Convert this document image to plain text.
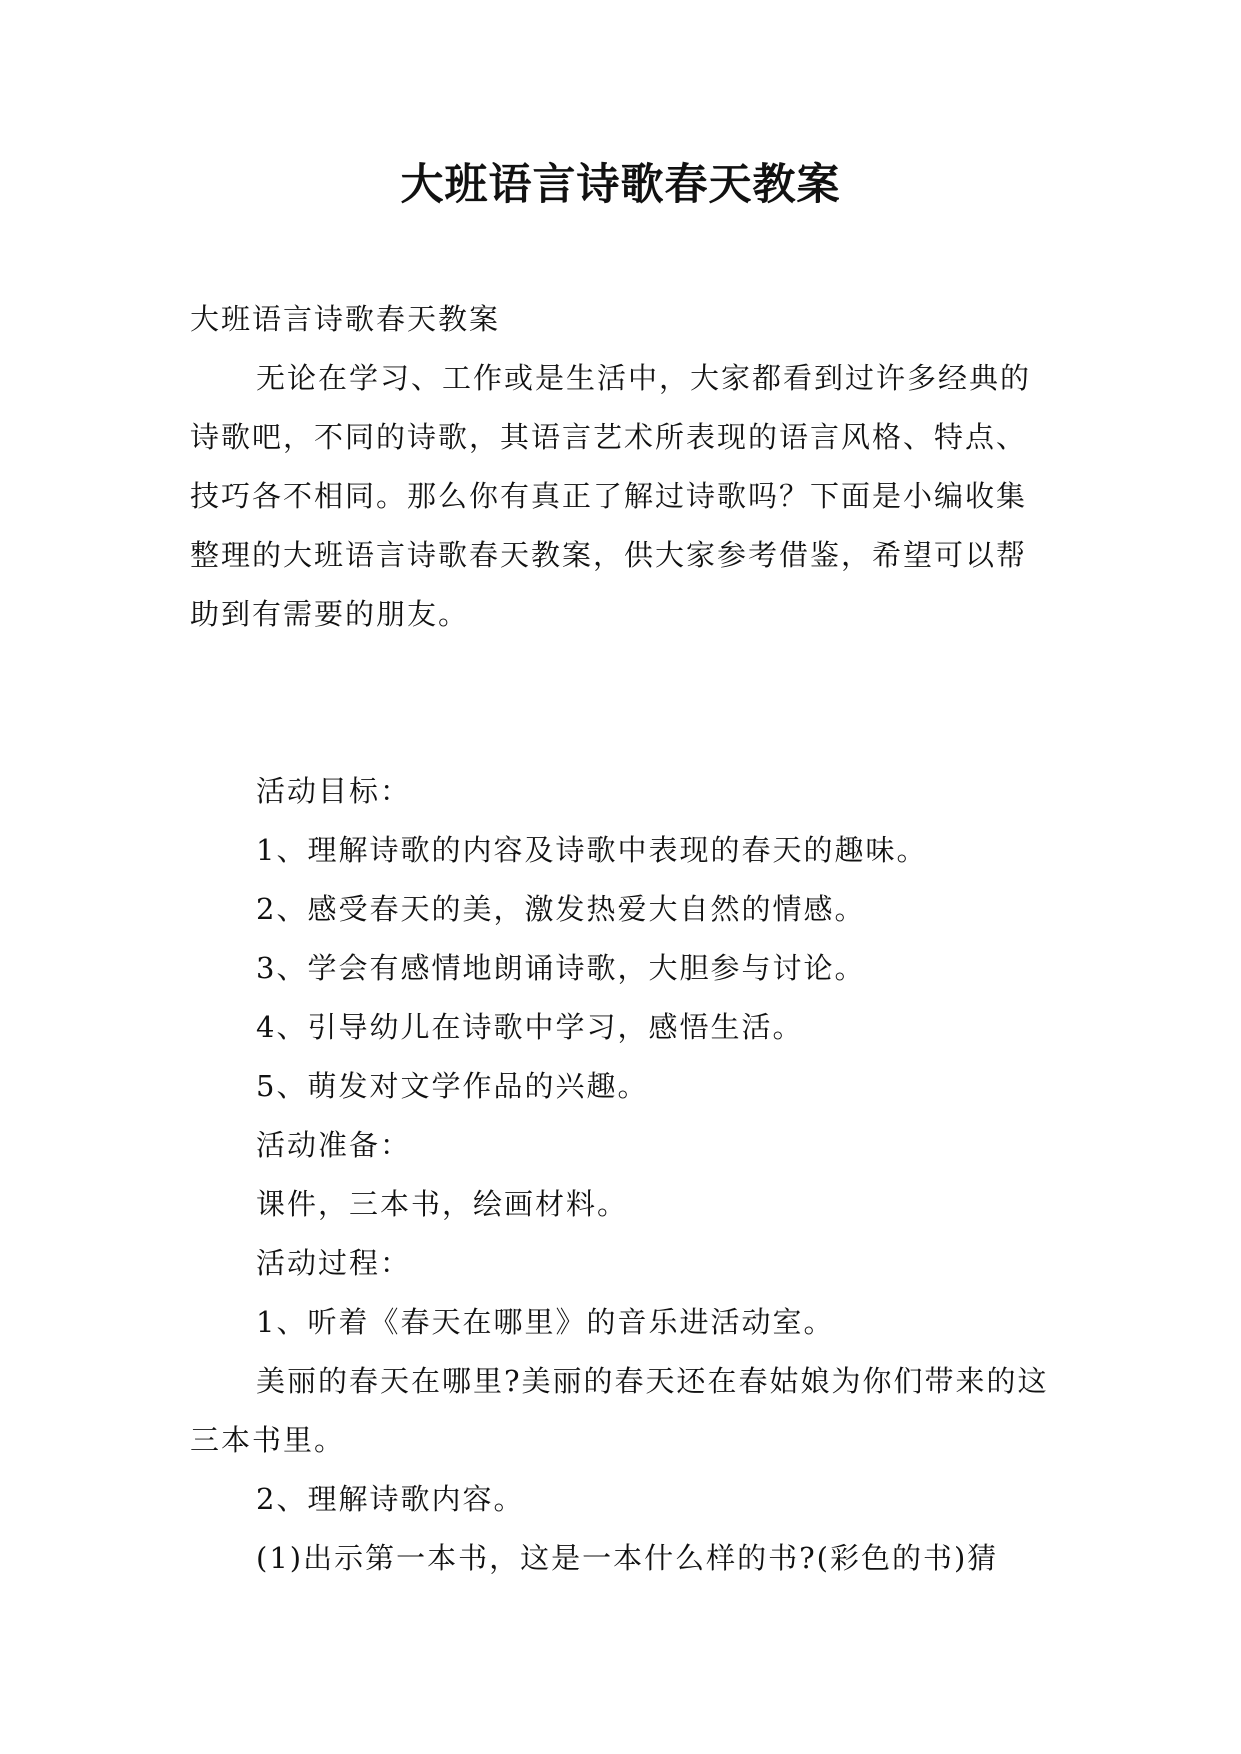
大班语言诗歌春天教案

大班语言诗歌春天教案

无论在学习、工作或是生活中，大家都看到过许多经典的诗歌吧，不同的诗歌，其语言艺术所表现的语言风格、特点、技巧各不相同。那么你有真正了解过诗歌吗？下面是小编收集整理的大班语言诗歌春天教案，供大家参考借鉴，希望可以帮助到有需要的朋友。

活动目标：

1、理解诗歌的内容及诗歌中表现的春天的趣味。

2、感受春天的美，激发热爱大自然的情感。

3、学会有感情地朗诵诗歌，大胆参与讨论。

4、引导幼儿在诗歌中学习，感悟生活。

5、萌发对文学作品的兴趣。

活动准备：

课件，三本书，绘画材料。

活动过程：

1、听着《春天在哪里》的音乐进活动室。

美丽的春天在哪里?美丽的春天还在春姑娘为你们带来的这三本书里。

2、理解诗歌内容。

(1)出示第一本书，这是一本什么样的书?(彩色的书)猜
